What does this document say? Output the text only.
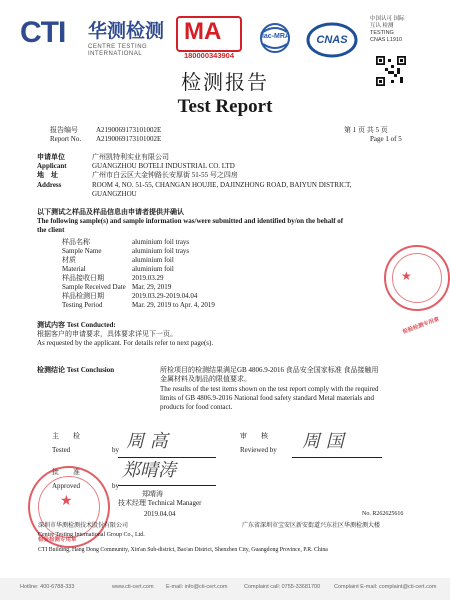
CTI 华测检测
CENTRE TESTING INTERNATIONAL
MA
180000343904
ilac-MRA	CNAS
中国认可 国际互认 检测
TESTING
CNAS L1910
检测报告
Test Report
报告编号
Report No.
A2190069173101002E
A2190069173101002E
第 1 页 共 5 页
Page 1 of 5
申请单位	广州凯特利实业有限公司
Applicant	GUANGZHOU BOTELI INDUSTRIAL CO. LTD
地　址	广州市白云区大金钟路长安厚街 51-55 号之四房
Address	ROOM 4, NO. 51-55, CHANGAN HOUJIE, DAJINZHONG ROAD, BAIYUN DISTRICT,
GUANGZHOU
以下测试之样品及样品信息由申请者提供并确认
The following sample(s) and sample information was/were submitted and identified by/on the behalf of
the client
样品名称	aluminium foil trays
Sample Name	aluminium foil trays
材质	aluminium foil
Material	aluminium foil
样品接收日期	2019.03.29
Sample Received Date Mar. 29, 2019
样品检测日期	2019.03.29-2019.04.04
Testing Period	Mar. 29, 2019 to Apr. 4, 2019
测试内容 Test Conducted:
根据客户的申请要求，具体要求详见下一页。
As requested by the applicant. For details refer to next page(s).
检测结论 Test Conclusion	所检项目的检测结果满足GB 4806.9-2016 食品安全国家标准 食品接触用
金属材料及制品的限值要求。
The results of the test items shown on the test report comply with the required
limits of GB 4806.9-2016 National food safety standard Metal materials and
products for food contact.
★
检验检测专用章
主　　检
Tested	by 周 高	审　　核
Reviewed by 周 国
批　　准
Approved	by
郑晴涛
郑晴涛
技术经理 Technical Manager
2019.04.04
★
检验检测专用章
No. R262625616
深圳市华测检测技术股份有限公司	广东省深圳市宝安区新安街道兴东社区华测检测大楼
Centre Testing International Group Co., Ltd.
CTI Building, Hang Dong Community, Xin'an Sub-district, Bao'an District, Shenzhen City, Guangdong Province, P.R. China
Hotline: 400-6788-333	www.cti-cert.com E-mail: info@cti-cert.com	Complaint call: 0755-33681700	Complaint E-mail: complaint@cti-cert.com
